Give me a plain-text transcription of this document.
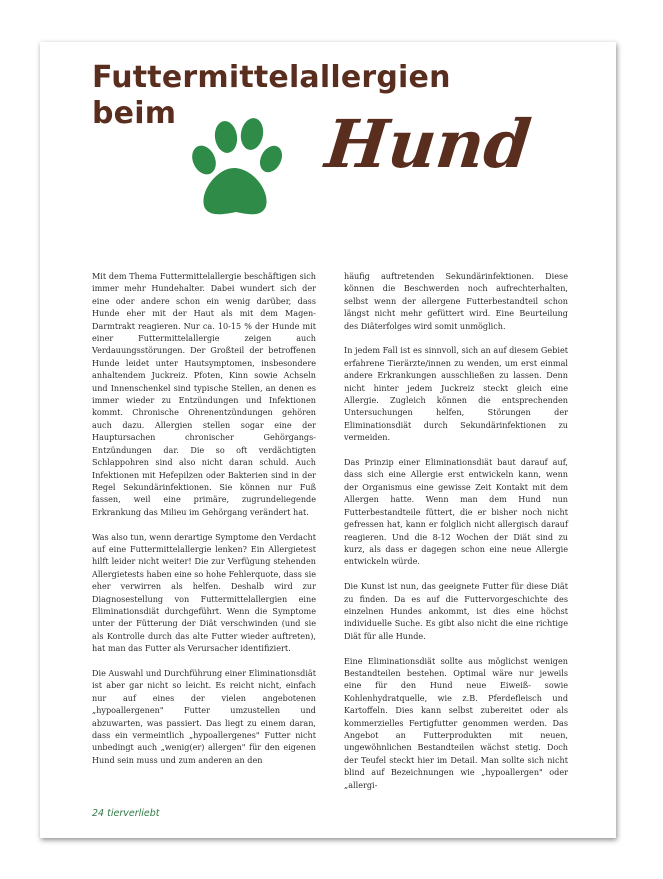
Futtermittelallergien
beim	Hund

Mit dem Thema Futtermittelallergie beschäftigen sich immer mehr Hundehalter. Dabei wundert sich der eine oder andere schon ein wenig darüber, dass Hunde eher mit der Haut als mit dem Magen-Darmtrakt reagieren. Nur ca. 10-15 % der Hunde mit einer Futtermittelallergie zeigen auch Verdauungsstörungen. Der Großteil der betroffenen Hunde leidet unter Hautsymptomen, insbesondere anhaltendem Juckreiz. Pfoten, Kinn sowie Achseln und Innenschenkel sind typische Stellen, an denen es immer wieder zu Entzündungen und Infektionen kommt. Chronische Ohrenentzündungen gehören auch dazu. Allergien stellen sogar eine der Hauptursachen chronischer Gehörgangs-Entzündungen dar. Die so oft verdächtigten Schlappohren sind also nicht daran schuld. Auch Infektionen mit Hefepilzen oder Bakterien sind in der Regel Sekundärinfektionen. Sie können nur Fuß fassen, weil eine primäre, zugrundeliegende Erkrankung das Milieu im Gehörgang verändert hat.

Was also tun, wenn derartige Symptome den Verdacht auf eine Futtermittelallergie lenken? Ein Allergietest hilft leider nicht weiter! Die zur Verfügung stehenden Allergietests haben eine so hohe Fehlerquote, dass sie eher verwirren als helfen. Deshalb wird zur Diagnosestellung von Futtermittelallergien eine Eliminationsdiät durchgeführt. Wenn die Symptome unter der Fütterung der Diät verschwinden (und sie als Kontrolle durch das alte Futter wieder auftreten), hat man das Futter als Verursacher identifiziert.

Die Auswahl und Durchführung einer Eliminationsdiät ist aber gar nicht so leicht. Es reicht nicht, einfach nur auf eines der vielen angebotenen „hypoallergenen" Futter umzustellen und abzuwarten, was passiert. Das liegt zu einem daran, dass ein vermeintlich „hypoallergenes" Futter nicht unbedingt auch „wenig(er) allergen" für den eigenen Hund sein muss und zum anderen an den

häufig auftretenden Sekundärinfektionen. Diese können die Beschwerden noch aufrechterhalten, selbst wenn der allergene Futterbestandteil schon längst nicht mehr gefüttert wird. Eine Beurteilung des Diäterfolges wird somit unmöglich.

In jedem Fall ist es sinnvoll, sich an auf diesem Gebiet erfahrene Tierärzte/innen zu wenden, um erst einmal andere Erkrankungen ausschließen zu lassen. Denn nicht hinter jedem Juckreiz steckt gleich eine Allergie. Zugleich können die entsprechenden Untersuchungen helfen, Störungen der Eliminationsdiät durch Sekundärinfektionen zu vermeiden.

Das Prinzip einer Eliminationsdiät baut darauf auf, dass sich eine Allergie erst entwickeln kann, wenn der Organismus eine gewisse Zeit Kontakt mit dem Allergen hatte. Wenn man dem Hund nun Futterbestandteile füttert, die er bisher noch nicht gefressen hat, kann er folglich nicht allergisch darauf reagieren. Und die 8-12 Wochen der Diät sind zu kurz, als dass er dagegen schon eine neue Allergie entwickeln würde.

Die Kunst ist nun, das geeignete Futter für diese Diät zu finden. Da es auf die Futtervorgeschichte des einzelnen Hundes ankommt, ist dies eine höchst individuelle Suche. Es gibt also nicht die eine richtige Diät für alle Hunde.

Eine Eliminationsdiät sollte aus möglichst wenigen Bestandteilen bestehen. Optimal wäre nur jeweils eine für den Hund neue Eiweiß- sowie Kohlenhydratquelle, wie z.B. Pferdefleisch und Kartoffeln. Dies kann selbst zubereitet oder als kommerzielles Fertigfutter genommen werden. Das Angebot an Futterprodukten mit neuen, ungewöhnlichen Bestandteilen wächst stetig. Doch der Teufel steckt hier im Detail. Man sollte sich nicht blind auf Bezeichnungen wie „hypoallergen" oder „allergi-

24 tierverliebt
